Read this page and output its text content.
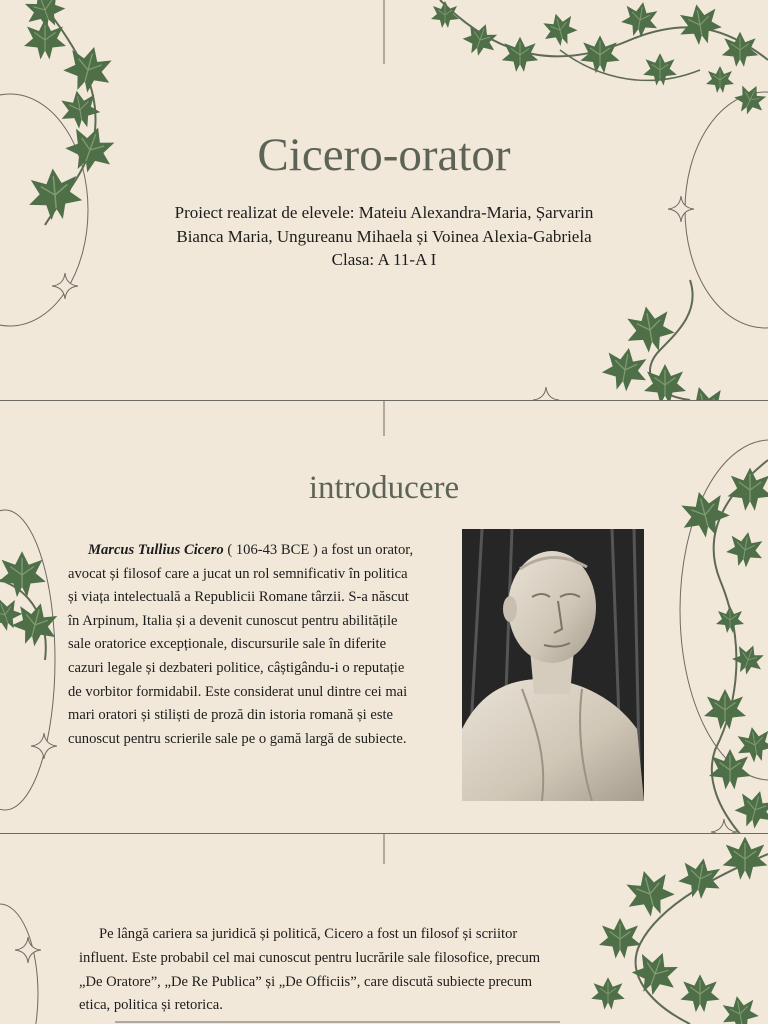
Cicero-orator
Proiect realizat de elevele: Mateiu Alexandra-Maria, Șarvarin
Bianca Maria, Ungureanu Mihaela și Voinea Alexia-Gabriela
Clasa: A 11-A I
introducere

Marcus Tullius Cicero ( 106-43 BCE ) a fost un orator, avocat și filosof care a jucat un rol semnificativ în politica și viața intelectuală a Republicii Romane târzii. S-a născut în Arpinum, Italia și a devenit cunoscut pentru abilitățile sale oratorice excepționale, discursurile sale în diferite cazuri legale și dezbateri politice, câștigându-i o reputație de vorbitor formidabil. Este considerat unul dintre cei mai mari oratori și stiliști de proză din istoria romană și este cunoscut pentru scrierile sale pe o gamă largă de subiecte.

Pe lângă cariera sa juridică și politică, Cicero a fost un filosof și scriitor influent. Este probabil cel mai cunoscut pentru lucrările sale filosofice, precum „De Oratore”, „De Re Publica” și „De Officiis”, care discută subiecte precum etica, politica și retorica.
